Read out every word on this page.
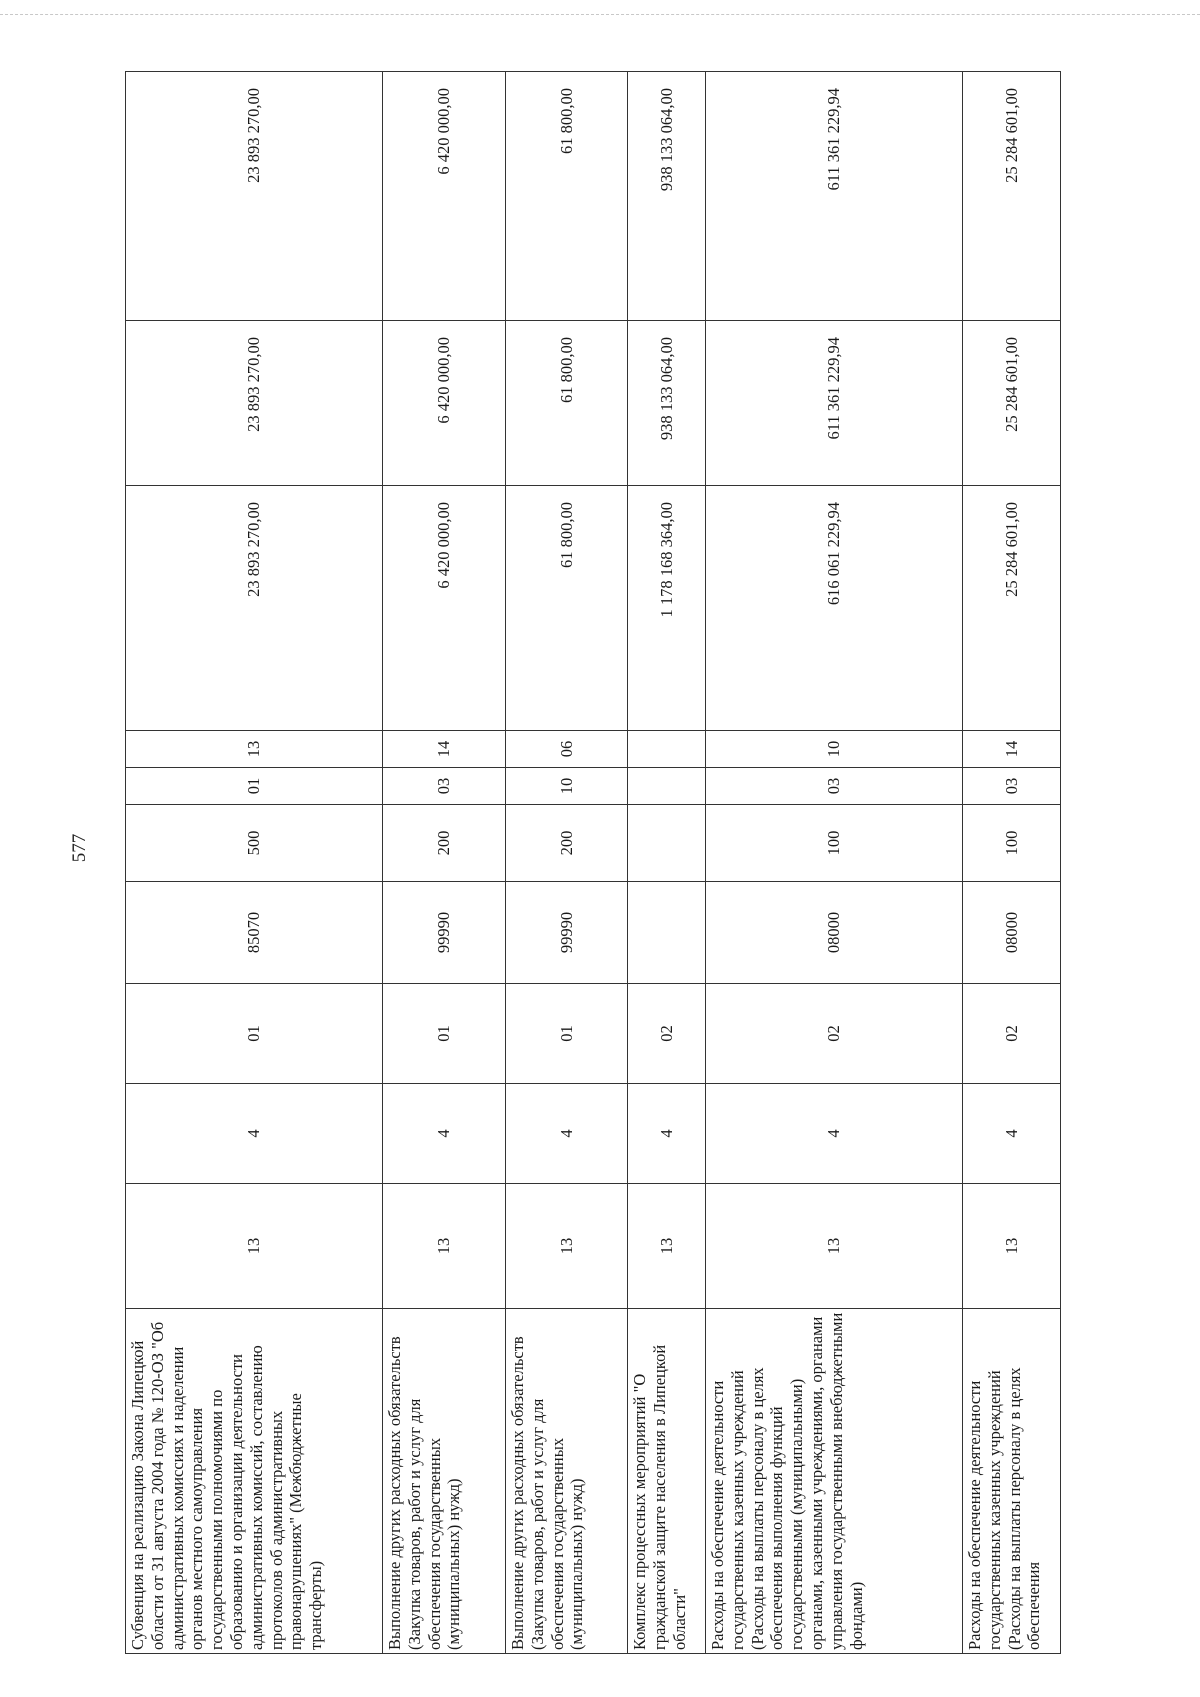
577
Субвенция на реализацию Закона Липецкой области от 31 августа 2004 года № 120-ОЗ "Об административных комиссиях и наделении органов местного самоуправления государственными полномочиями по образованию и организации деятельности административных комиссий, составлению протоколов об административных правонарушениях" (Межбюджетные трансферты)	13	4	01	85070	500	01	13	23 893 270,00	23 893 270,00	23 893 270,00
Выполнение других расходных обязательств (Закупка товаров, работ и услуг для обеспечения государственных (муниципальных) нужд)	13	4	01	99990	200	03	14	6 420 000,00	6 420 000,00	6 420 000,00
Выполнение других расходных обязательств (Закупка товаров, работ и услуг для обеспечения государственных (муниципальных) нужд)	13	4	01	99990	200	10	06	61 800,00	61 800,00	61 800,00
Комплекс процессных мероприятий "О гражданской защите населения в Липецкой области"	13	4	02					1 178 168 364,00	938 133 064,00	938 133 064,00
Расходы на обеспечение деятельности государственных казенных учреждений (Расходы на выплаты персоналу в целях обеспечения выполнения функций государственными (муниципальными) органами, казенными учреждениями, органами управления государственными внебюджетными фондами)	13	4	02	08000	100	03	10	616 061 229,94	611 361 229,94	611 361 229,94
Расходы на обеспечение деятельности государственных казенных учреждений (Расходы на выплаты персоналу в целях обеспечения	13	4	02	08000	100	03	14	25 284 601,00	25 284 601,00	25 284 601,00
